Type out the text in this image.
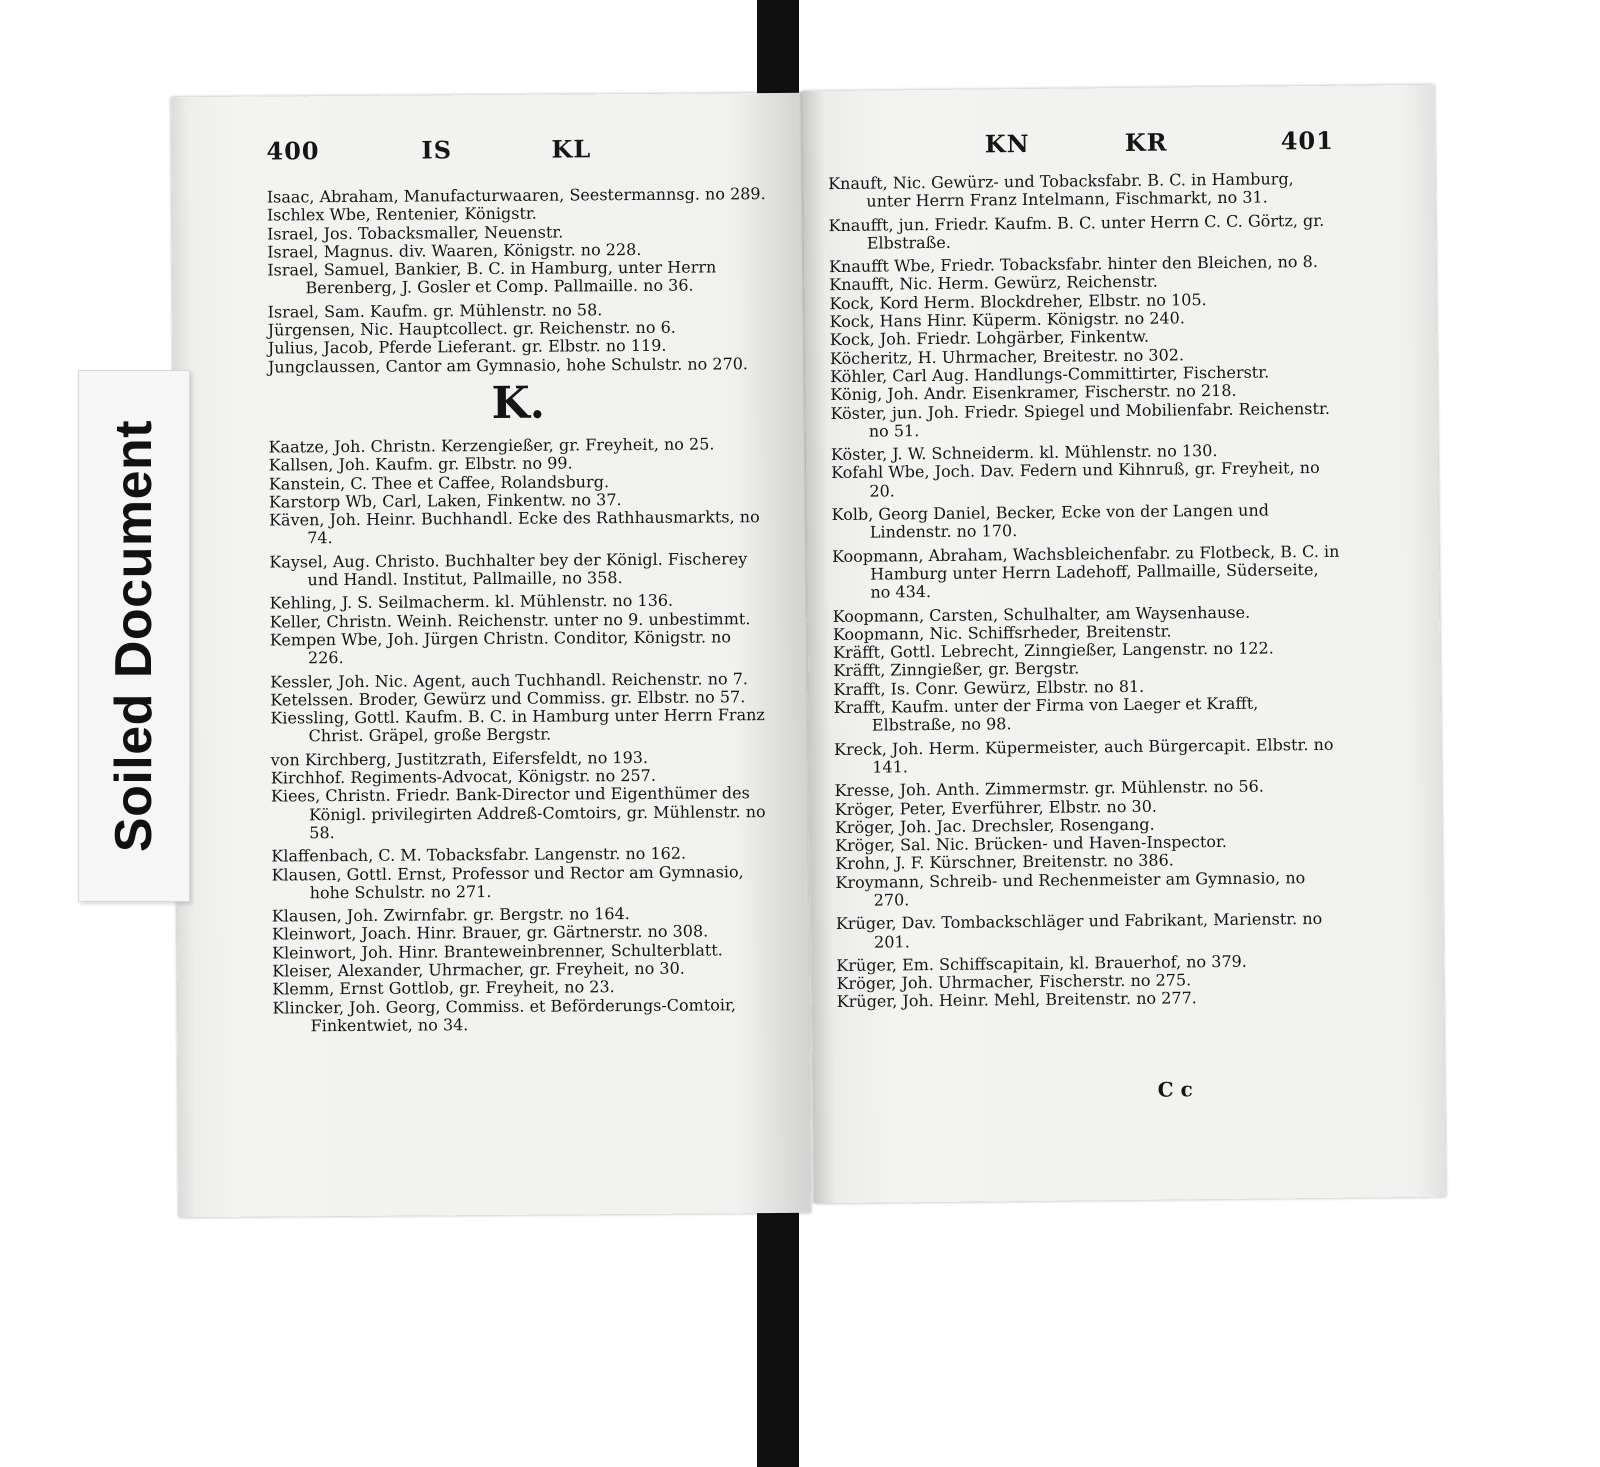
400	IS	KL

Isaac, Abraham, Manufacturwaaren, Seestermannsg. no 289.

Ischlex Wbe, Rentenier, Königstr.

Israel, Jos. Tobacksmaller, Neuenstr.

Israel, Magnus. div. Waaren, Königstr. no 228.

Israel, Samuel, Bankier, B. C. in Hamburg, unter Herrn Berenberg, J. Gosler et Comp. Pallmaille. no 36.

Israel, Sam. Kaufm. gr. Mühlenstr. no 58.

Jürgensen, Nic. Hauptcollect. gr. Reichenstr. no 6.

Julius, Jacob, Pferde Lieferant. gr. Elbstr. no 119.

Jungclaussen, Cantor am Gymnasio, hohe Schulstr. no 270.

K.

Kaatze, Joh. Christn. Kerzengießer, gr. Freyheit, no 25.

Kallsen, Joh. Kaufm. gr. Elbstr. no 99.

Kanstein, C. Thee et Caffee, Rolandsburg.

Karstorp Wb, Carl, Laken, Finkentw. no 37.

Käven, Joh. Heinr. Buchhandl. Ecke des Rathhausmarkts, no 74.

Kaysel, Aug. Christo. Buchhalter bey der Königl. Fischerey und Handl. Institut, Pallmaille, no 358.

Kehling, J. S. Seilmacherm. kl. Mühlenstr. no 136.

Keller, Christn. Weinh. Reichenstr. unter no 9. unbestimmt.

Kempen Wbe, Joh. Jürgen Christn. Conditor, Königstr. no 226.

Kessler, Joh. Nic. Agent, auch Tuchhandl. Reichenstr. no 7.

Ketelssen. Broder, Gewürz und Commiss. gr. Elbstr. no 57.

Kiessling, Gottl. Kaufm. B. C. in Hamburg unter Herrn Franz Christ. Gräpel, große Bergstr.

von Kirchberg, Justitzrath, Eifersfeldt, no 193.

Kirchhof. Regiments-Advocat, Königstr. no 257.

Kiees, Christn. Friedr. Bank-Director und Eigenthümer des Königl. privilegirten Addreß-Comtoirs, gr. Mühlenstr. no 58.

Klaffenbach, C. M. Tobacksfabr. Langenstr. no 162.

Klausen, Gottl. Ernst, Professor und Rector am Gymnasio, hohe Schulstr. no 271.

Klausen, Joh. Zwirnfabr. gr. Bergstr. no 164.

Kleinwort, Joach. Hinr. Brauer, gr. Gärtnerstr. no 308.

Kleinwort, Joh. Hinr. Branteweinbrenner, Schulterblatt.

Kleiser, Alexander, Uhrmacher, gr. Freyheit, no 30.

Klemm, Ernst Gottlob, gr. Freyheit, no 23.

Klincker, Joh. Georg, Commiss. et Beförderungs-Comtoir, Finkentwiet, no 34.

KN	KR	401

Knauft, Nic. Gewürz- und Tobacksfabr. B. C. in Hamburg, unter Herrn Franz Intelmann, Fischmarkt, no 31.

Knaufft, jun. Friedr. Kaufm. B. C. unter Herrn C. C. Görtz, gr. Elbstraße.

Knaufft Wbe, Friedr. Tobacksfabr. hinter den Bleichen, no 8.

Knaufft, Nic. Herm. Gewürz, Reichenstr.

Kock, Kord Herm. Blockdreher, Elbstr. no 105.

Kock, Hans Hinr. Küperm. Königstr. no 240.

Kock, Joh. Friedr. Lohgärber, Finkentw.

Köcheritz, H. Uhrmacher, Breitestr. no 302.

Köhler, Carl Aug. Handlungs-Committirter, Fischerstr.

König, Joh. Andr. Eisenkramer, Fischerstr. no 218.

Köster, jun. Joh. Friedr. Spiegel und Mobilienfabr. Reichenstr. no 51.

Köster, J. W. Schneiderm. kl. Mühlenstr. no 130.

Kofahl Wbe, Joch. Dav. Federn und Kihnruß, gr. Freyheit, no 20.

Kolb, Georg Daniel, Becker, Ecke von der Langen und Lindenstr. no 170.

Koopmann, Abraham, Wachsbleichenfabr. zu Flotbeck, B. C. in Hamburg unter Herrn Ladehoff, Pallmaille, Süderseite, no 434.

Koopmann, Carsten, Schulhalter, am Waysenhause.

Koopmann, Nic. Schiffsrheder, Breitenstr.

Kräfft, Gottl. Lebrecht, Zinngießer, Langenstr. no 122.

Kräfft, Zinngießer, gr. Bergstr.

Krafft, Is. Conr. Gewürz, Elbstr. no 81.

Krafft, Kaufm. unter der Firma von Laeger et Krafft, Elbstraße, no 98.

Kreck, Joh. Herm. Küpermeister, auch Bürgercapit. Elbstr. no 141.

Kresse, Joh. Anth. Zimmermstr. gr. Mühlenstr. no 56.

Kröger, Peter, Everführer, Elbstr. no 30.

Kröger, Joh. Jac. Drechsler, Rosengang.

Kröger, Sal. Nic. Brücken- und Haven-Inspector.

Krohn, J. F. Kürschner, Breitenstr. no 386.

Kroymann, Schreib- und Rechenmeister am Gymnasio, no 270.

Krüger, Dav. Tombackschläger und Fabrikant, Marienstr. no 201.

Krüger, Em. Schiffscapitain, kl. Brauerhof, no 379.

Kröger, Joh. Uhrmacher, Fischerstr. no 275.

Krüger, Joh. Heinr. Mehl, Breitenstr. no 277.

C c
Soiled Document
